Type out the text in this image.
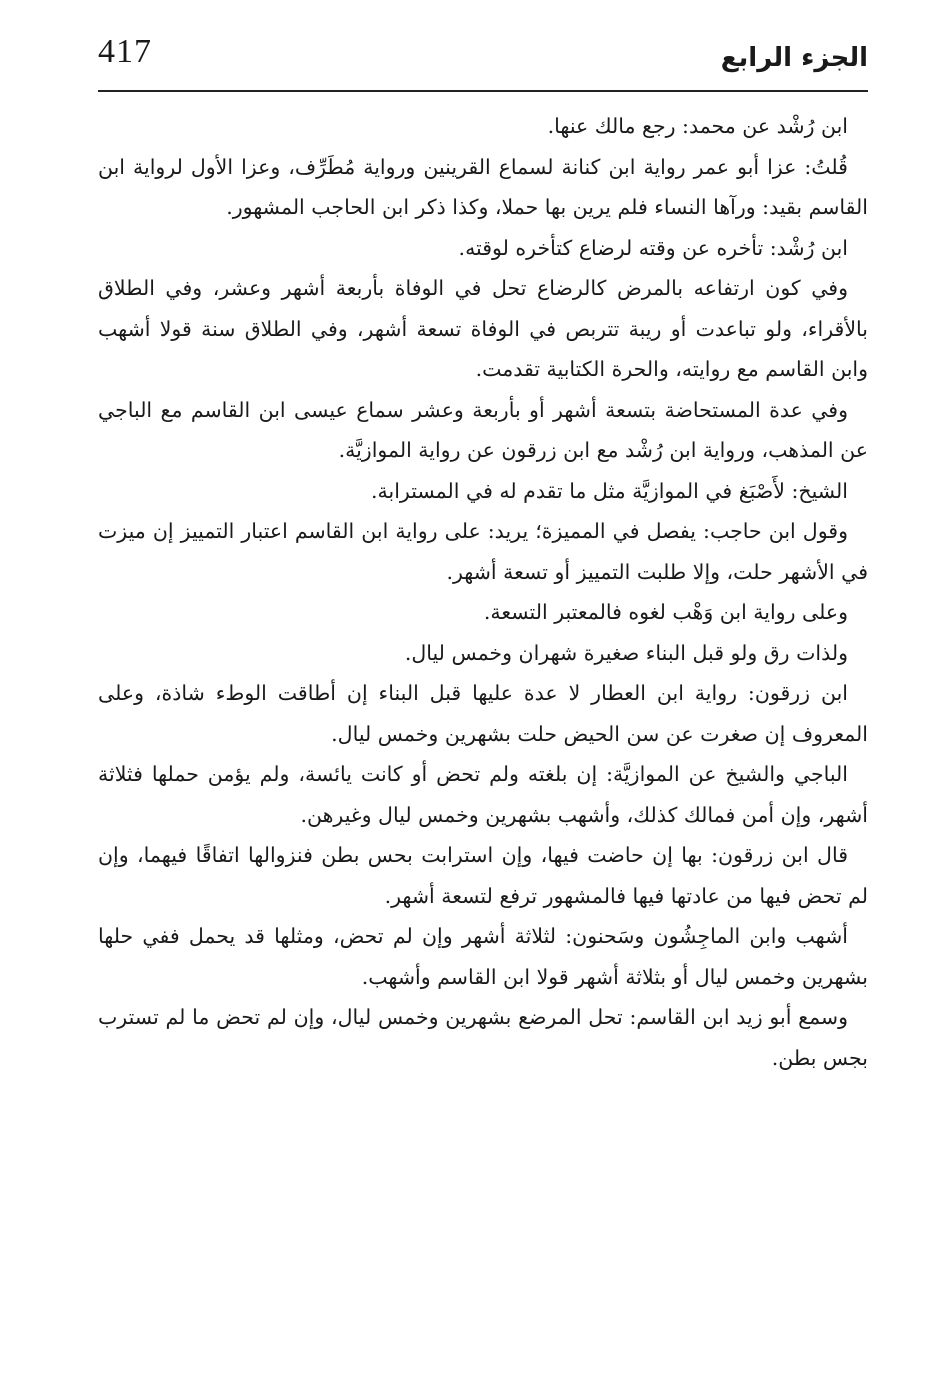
417	الجزء الرابع

ابن رُشْد عن محمد: رجع مالك عنها.

قُلتُ: عزا أبو عمر رواية ابن كنانة لسماع القرينين ورواية مُطَرِّف، وعزا الأول لرواية ابن القاسم بقيد: ورآها النساء فلم يرين بها حملا، وكذا ذكر ابن الحاجب المشهور.

ابن رُشْد: تأخره عن وقته لرضاع كتأخره لوقته.

وفي كون ارتفاعه بالمرض كالرضاع تحل في الوفاة بأربعة أشهر وعشر، وفي الطلاق بالأقراء، ولو تباعدت أو ريبة تتربص في الوفاة تسعة أشهر، وفي الطلاق سنة قولا أشهب وابن القاسم مع روايته، والحرة الكتابية تقدمت.

وفي عدة المستحاضة بتسعة أشهر أو بأربعة وعشر سماع عيسى ابن القاسم مع الباجي عن المذهب، ورواية ابن رُشْد مع ابن زرقون عن رواية الموازيَّة.

الشيخ: لأَصْبَغ في الموازيَّة مثل ما تقدم له في المسترابة.

وقول ابن حاجب: يفصل في المميزة؛ يريد: على رواية ابن القاسم اعتبار التمييز إن ميزت في الأشهر حلت، وإلا طلبت التمييز أو تسعة أشهر.

وعلى رواية ابن وَهْب لغوه فالمعتبر التسعة.

ولذات رق ولو قبل البناء صغيرة شهران وخمس ليال.

ابن زرقون: رواية ابن العطار لا عدة عليها قبل البناء إن أطاقت الوطء شاذة، وعلى المعروف إن صغرت عن سن الحيض حلت بشهرين وخمس ليال.

الباجي والشيخ عن الموازيَّة: إن بلغته ولم تحض أو كانت يائسة، ولم يؤمن حملها فثلاثة أشهر، وإن أمن فمالك كذلك، وأشهب بشهرين وخمس ليال وغيرهن.

قال ابن زرقون: بها إن حاضت فيها، وإن استرابت بحس بطن فنزوالها اتفاقًا فيهما، وإن لم تحض فيها من عادتها فيها فالمشهور ترفع لتسعة أشهر.

أشهب وابن الماجِشُون وسَحنون: لثلاثة أشهر وإن لم تحض، ومثلها قد يحمل ففي حلها بشهرين وخمس ليال أو بثلاثة أشهر قولا ابن القاسم وأشهب.

وسمع أبو زيد ابن القاسم: تحل المرضع بشهرين وخمس ليال، وإن لم تحض ما لم تسترب بجس بطن.
